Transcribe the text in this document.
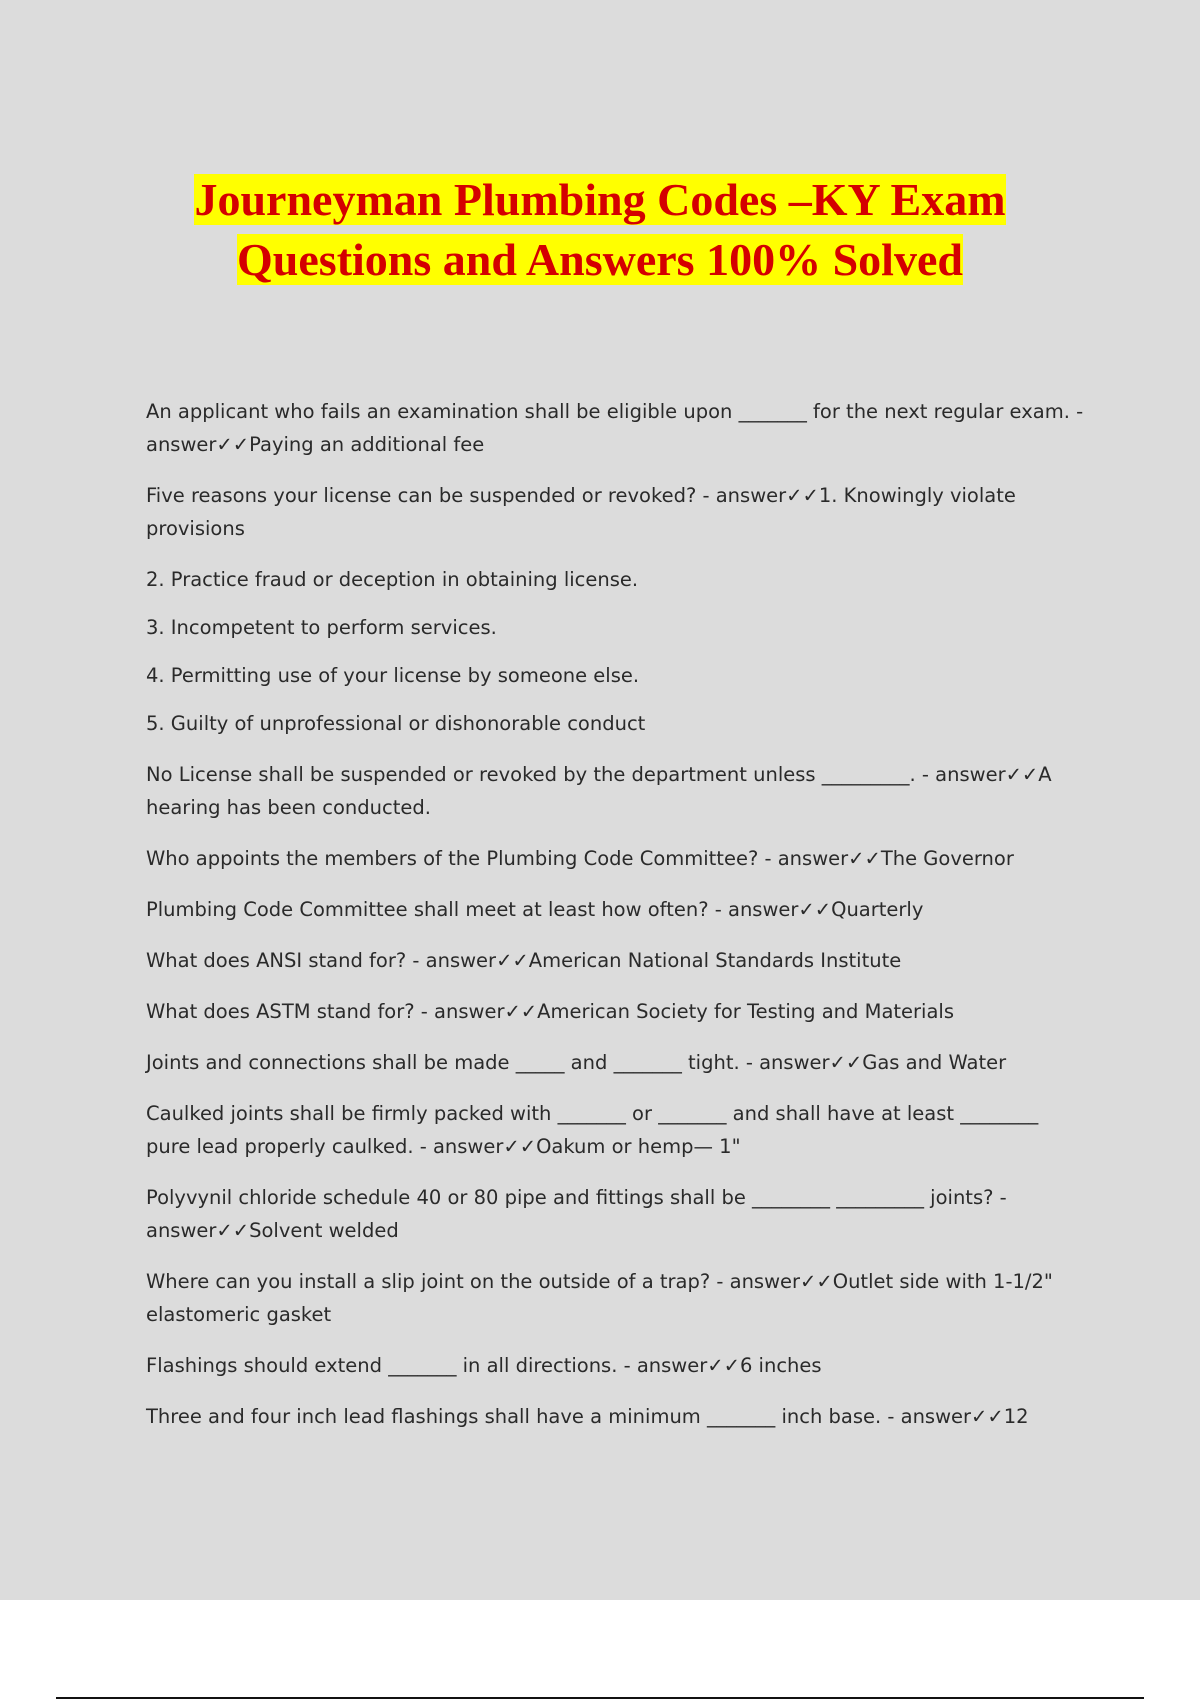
Journeyman Plumbing Codes –KY Exam
Questions and Answers 100% Solved

An applicant who fails an examination shall be eligible upon _______ for the next regular exam. - answer✓✓Paying an additional fee

Five reasons your license can be suspended or revoked? - answer✓✓1. Knowingly violate provisions

2. Practice fraud or deception in obtaining license.

3. Incompetent to perform services.

4. Permitting use of your license by someone else.

5. Guilty of unprofessional or dishonorable conduct

No License shall be suspended or revoked by the department unless _________. - answer✓✓A hearing has been conducted.

Who appoints the members of the Plumbing Code Committee? - answer✓✓The Governor

Plumbing Code Committee shall meet at least how often? - answer✓✓Quarterly

What does ANSI stand for? - answer✓✓American National Standards Institute

What does ASTM stand for? - answer✓✓American Society for Testing and Materials

Joints and connections shall be made _____ and _______ tight. - answer✓✓Gas and Water

Caulked joints shall be firmly packed with _______ or _______ and shall have at least ________ pure lead properly caulked. - answer✓✓Oakum or hemp— 1"

Polyvynil chloride schedule 40 or 80 pipe and fittings shall be ________ _________ joints? - answer✓✓Solvent welded

Where can you install a slip joint on the outside of a trap? - answer✓✓Outlet side with 1-1/2" elastomeric gasket

Flashings should extend _______ in all directions. - answer✓✓6 inches

Three and four inch lead flashings shall have a minimum _______ inch base. - answer✓✓12
